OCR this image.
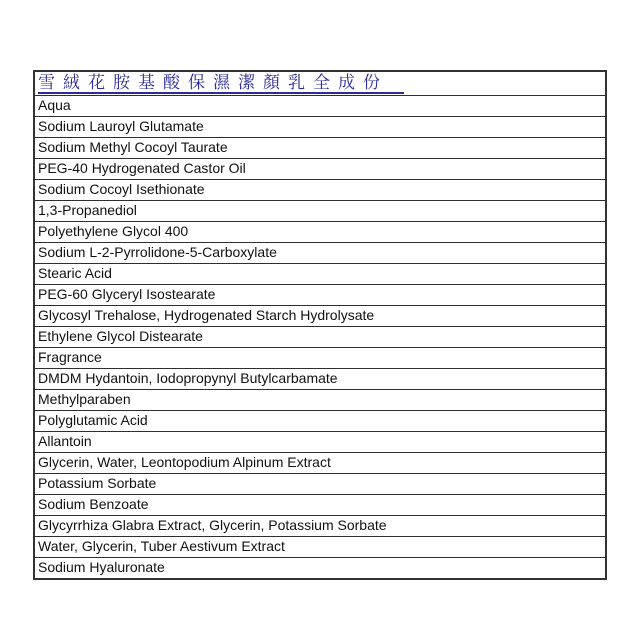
雪絨花胺基酸保濕潔顏乳全成份
Aqua
Sodium Lauroyl Glutamate
Sodium Methyl Cocoyl Taurate
PEG-40 Hydrogenated Castor Oil
Sodium Cocoyl Isethionate
1,3-Propanediol
Polyethylene Glycol 400
Sodium L-2-Pyrrolidone-5-Carboxylate
Stearic Acid
PEG-60 Glyceryl Isostearate
Glycosyl Trehalose, Hydrogenated Starch Hydrolysate
Ethylene Glycol Distearate
Fragrance
DMDM Hydantoin, Iodopropynyl Butylcarbamate
Methylparaben
Polyglutamic Acid
Allantoin
Glycerin, Water, Leontopodium Alpinum Extract
Potassium Sorbate
Sodium Benzoate
Glycyrrhiza Glabra Extract, Glycerin, Potassium Sorbate
Water, Glycerin, Tuber Aestivum Extract
Sodium Hyaluronate
